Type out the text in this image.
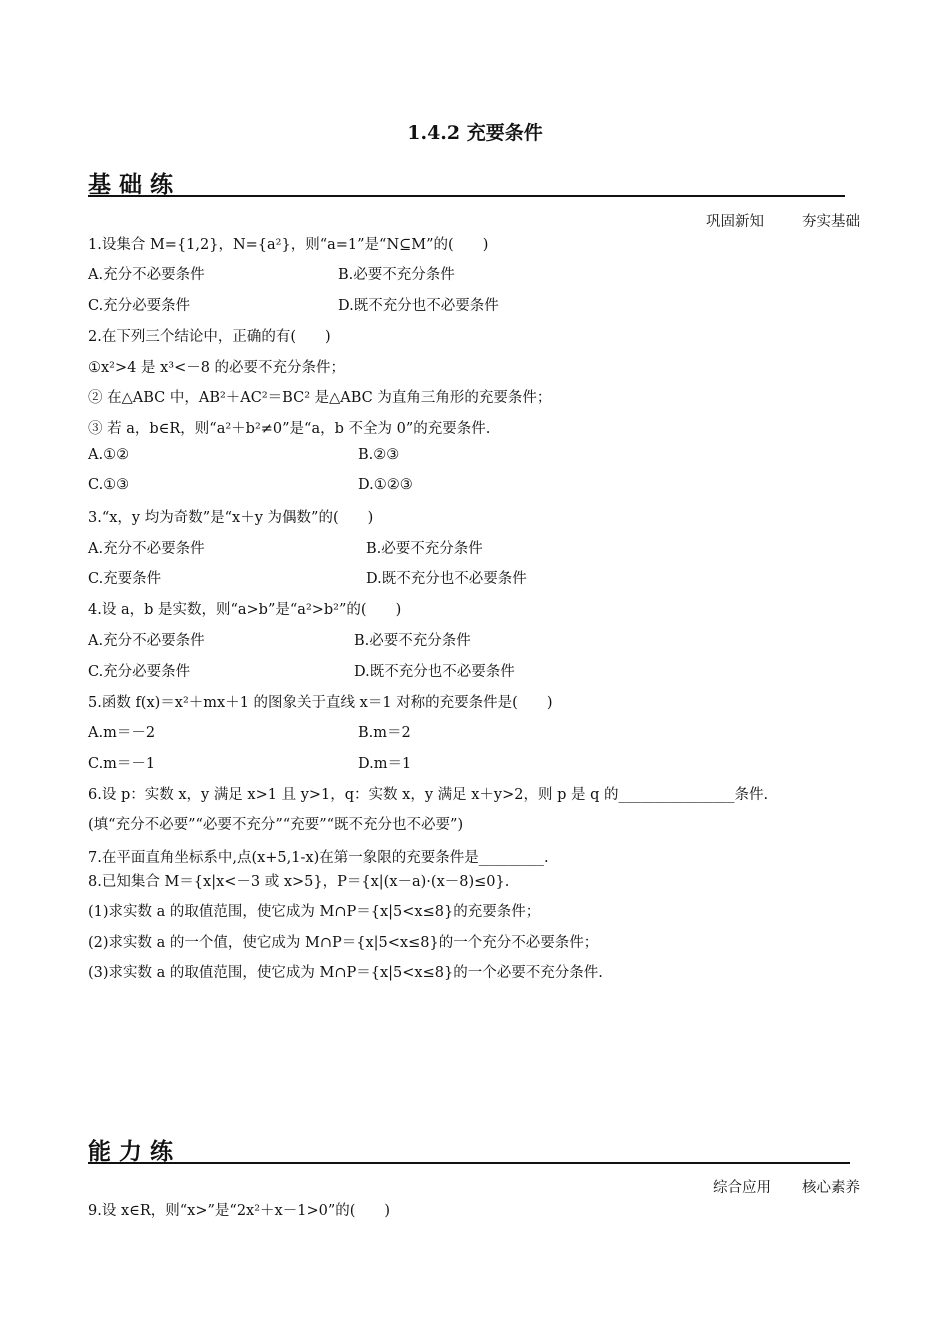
1.4.2 充要条件
基础练
巩固新知	夯实基础
1.设集合 M={1,2}，N={a²}，则“a=1”是“N⊆M”的(　　)
A.充分不必要条件	B.必要不充分条件
C.充分必要条件	D.既不充分也不必要条件
2.在下列三个结论中，正确的有(　　)
①x²>4 是 x³<－8 的必要不充分条件；
② 在△ABC 中，AB²＋AC²＝BC² 是△ABC 为直角三角形的充要条件；
③ 若 a，b∈R，则“a²＋b²≠0”是“a，b 不全为 0”的充要条件.
A.①②	B.②③
C.①③	D.①②③
3.“x，y 均为奇数”是“x＋y 为偶数”的(　　)
A.充分不必要条件	B.必要不充分条件
C.充要条件	D.既不充分也不必要条件
4.设 a，b 是实数，则“a>b”是“a²>b²”的(　　)
A.充分不必要条件	B.必要不充分条件
C.充分必要条件	D.既不充分也不必要条件
5.函数 f(x)＝x²＋mx＋1 的图象关于直线 x＝1 对称的充要条件是(　　)
A.m＝－2	B.m＝2
C.m＝－1	D.m＝1
6.设 p：实数 x，y 满足 x>1 且 y>1，q：实数 x，y 满足 x＋y>2，则 p 是 q 的________________条件.
(填“充分不必要”“必要不充分”“充要”“既不充分也不必要”)
7.在平面直角坐标系中,点(x+5,1-x)在第一象限的充要条件是_________.
8.已知集合 M＝{x|x<－3 或 x>5}，P＝{x|(x－a)·(x－8)≤0}.
(1)求实数 a 的取值范围，使它成为 M∩P＝{x|5<x≤8}的充要条件；
(2)求实数 a 的一个值，使它成为 M∩P＝{x|5<x≤8}的一个充分不必要条件；
(3)求实数 a 的取值范围，使它成为 M∩P＝{x|5<x≤8}的一个必要不充分条件.
能力练
综合应用 核心素养
9.设 x∈R，则“x>”是“2x²＋x－1>0”的(　　)
